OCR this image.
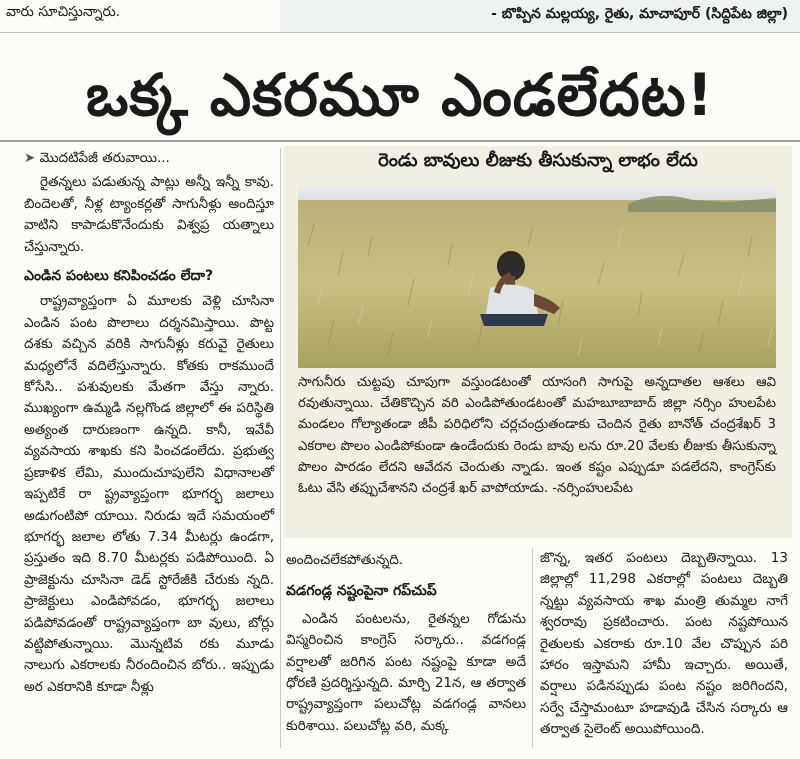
వారు సూచిస్తున్నారు.	- బొప్పిన మల్లయ్య, రైతు, మాచాపూర్ (సిద్దిపేట జిల్లా)
ఒక్క ఎకరమూ ఎండలేదట!

➤ మొదటిపేజీ తరువాయి...

రైతన్నలు పడుతున్న పాట్లు అన్నీ ఇన్నీ కావు. బిందెలతో, నీళ్ల ట్యాంకర్లతో సాగునీళ్లు అందిస్తూ వాటిని కాపాడుకొనేందుకు విశ్వప్ర యత్నాలు చేస్తున్నారు.

ఎండిన పంటలు కనిపించడం లేదా?

రాష్ట్రవ్యాప్తంగా ఏ మూలకు వెళ్లి చూసినా ఎండిన పంట పొలాలు దర్శనమిస్తాయి. పొట్ట దశకు వచ్చిన వరికి సాగునీళ్లు కరువై రైతులు మధ్యలోనే వదిలేస్తున్నారు. కోతకు రాకముందే కోసేసి.. పశువులకు మేతగా వేస్తు న్నారు. ముఖ్యంగా ఉమ్మడి నల్లగొండ జిల్లాలో ఈ పరిస్థితి అత్యంత దారుణంగా ఉన్నది. కానీ, ఇవేవీ వ్యవసాయ శాఖకు కని పించడంలేదు. ప్రభుత్వ ప్రణాళిక లేమి, ముందుచూపులేని విధానాలతో ఇప్పటికే రా ష్ట్రవ్యాప్తంగా భూగర్భ జలాలు అడుగంటిపో యాయి. నిరుడు ఇదే సమయంలో భూగర్భ జలాల లోతు 7.34 మీటర్లు ఉండగా, ప్రస్తుతం ఇది 8.70 మీటర్లకు పడిపోయింది. ఏ ప్రాజెక్టును చూసినా డెడ్ స్టోరేజీకి చేరుకు న్నది. ప్రాజెక్టులు ఎండిపోవడం, భూగర్భ జలాలు పడిపోవడంతో రాష్ట్రవ్యాప్తంగా బా వులు, బోర్లు వట్టిపోతున్నాయి. మొన్నటివ రకు మూడు నాలుగు ఎకరాలకు నీరందించిన బోరు.. ఇప్పుడు అర ఎకరానికి కూడా నీళ్లు

రెండు బావులు లీజుకు తీసుకున్నా లాభం లేదు
సాగునీరు చుట్టపు చూపుగా వస్తుండటంతో యాసంగి సాగుపై అన్నదాతల ఆశలు ఆవి రవుతున్నాయి. చేతికొచ్చిన వరి ఎండిపోతుండటంతో మహబూబాబాద్ జిల్లా నర్సిం హులపేట మండలం గోల్యాతండా జీపీ పరిధిలోని చర్లచంద్రుతండాకు చెందిన రైతు బానోత్ చంద్రశేఖర్ 3 ఎకరాల పొలం ఎండిపోకుండా ఉండేందుకు రెండు బావు లను రూ.20 వేలకు లీజుకు తీసుకున్నా పొలం పారడం లేదని ఆవేదన చెందుతు న్నాడు. ఇంత కష్టం ఎప్పుడూ పడలేదని, కాంగ్రెస్‌కు ఓటు వేసి తప్పుచేశానని చంద్రశే ఖర్ వాపోయాడు. -నర్సింహులపేట

అందించలేకపోతున్నది.

వడగండ్ల నష్టంపైనా గప్‌చుప్

ఎండిన పంటలను, రైతన్నల గోడును విస్మరించిన కాంగ్రెస్ సర్కారు.. వడగండ్ల వర్షాలతో జరిగిన పంట నష్టంపై కూడా అదే ధోరణి ప్రదర్శిస్తున్నది. మార్చి 21న, ఆ తర్వాత రాష్ట్రవ్యాప్తంగా పలుచోట్ల వడగండ్ల వానలు కురిశాయి. పలుచోట్ల వరి, మక్క

జొన్న, ఇతర పంటలు దెబ్బతిన్నాయి. 13 జిల్లాల్లో 11,298 ఎకరాల్లో పంటలు దెబ్బతి న్నట్టు వ్యవసాయ శాఖ మంత్రి తుమ్మల నాగే శ్వరరావు ప్రకటించారు. పంట నష్టపోయిన రైతులకు ఎకరాకు రూ.10 వేల చొప్పున పరి హారం ఇస్తామని హామీ ఇచ్చారు. అయితే, వర్షాలు పడినప్పుడు పంట నష్టం జరిగిందని, సర్వే చేస్తామంటూ హడావుడి చేసిన సర్కారు ఆ తర్వాత సైలెంట్ అయిపోయింది.
